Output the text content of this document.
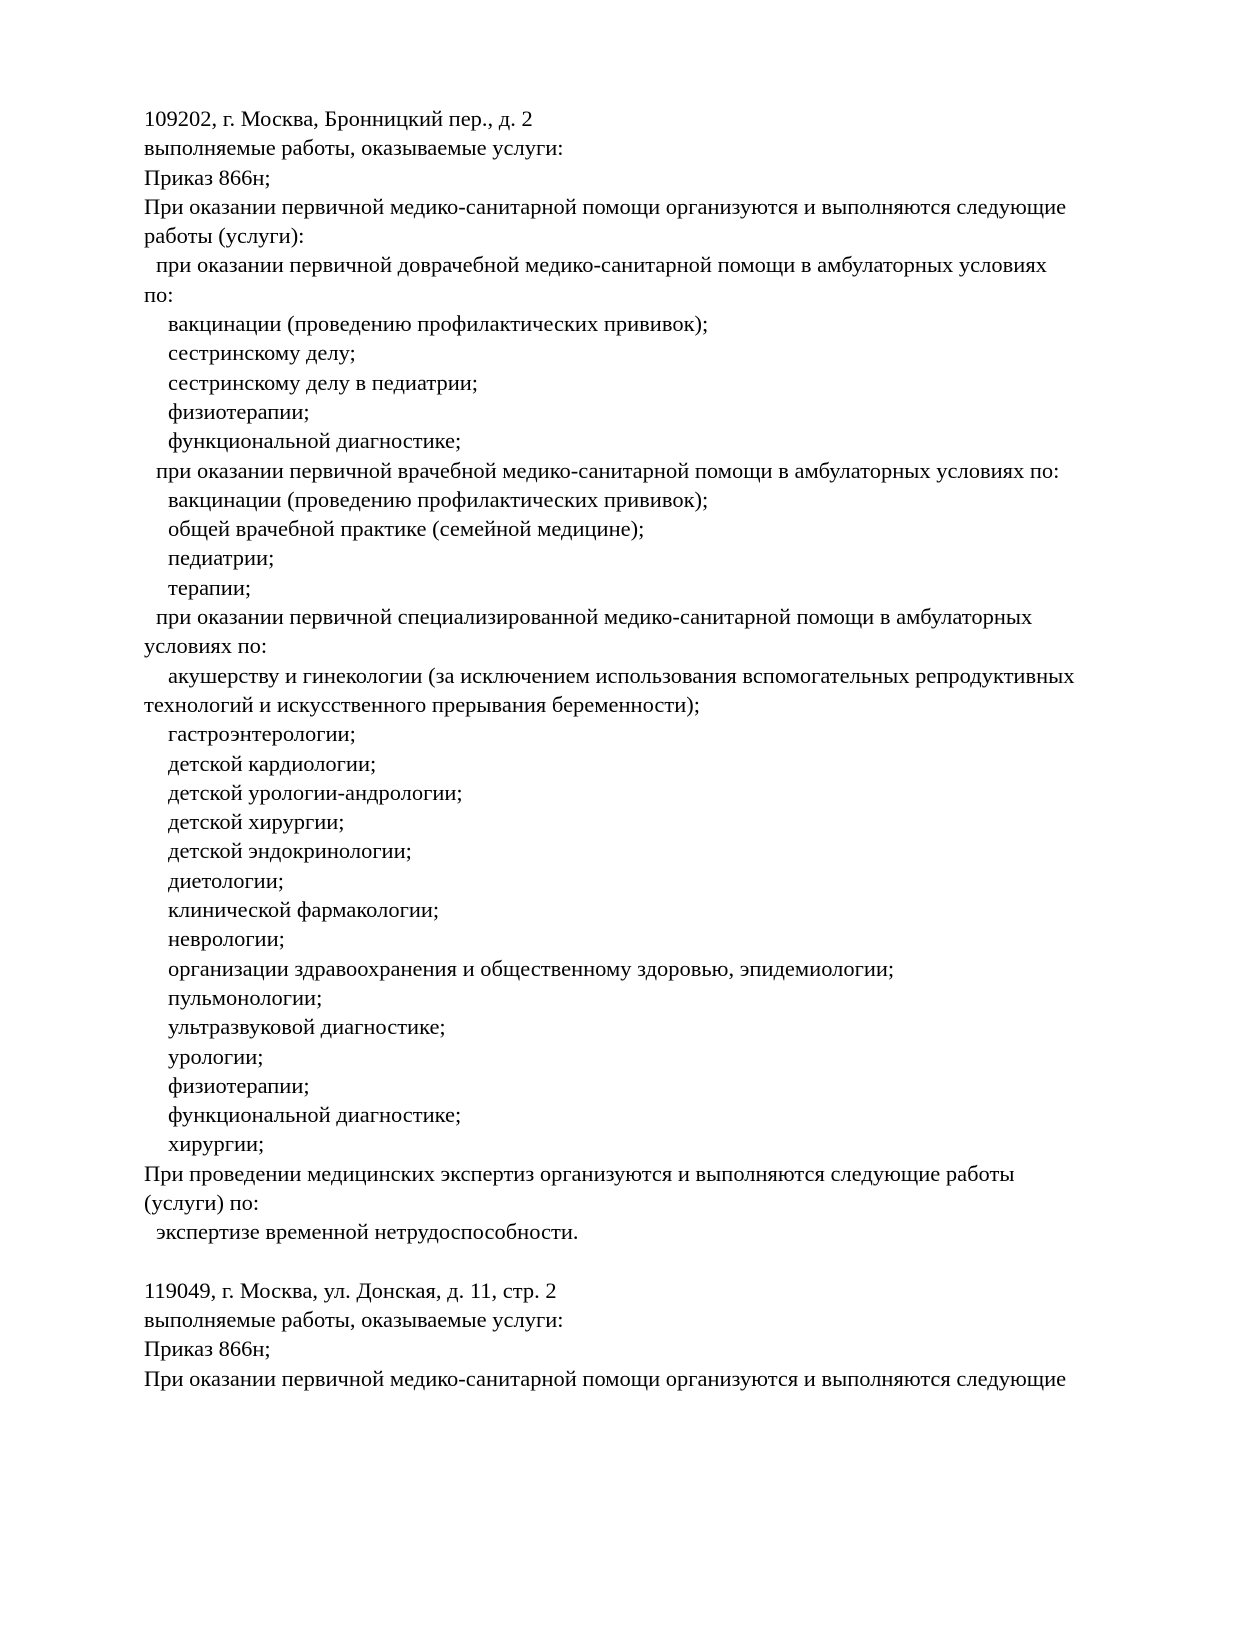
109202, г. Москва, Бронницкий пер., д. 2
выполняемые работы, оказываемые услуги:
Приказ 866н;
При оказании первичной медико-санитарной помощи организуются и выполняются следующие
работы (услуги):
при оказании первичной доврачебной медико-санитарной помощи в амбулаторных условиях
по:
вакцинации (проведению профилактических прививок);
сестринскому делу;
сестринскому делу в педиатрии;
физиотерапии;
функциональной диагностике;
при оказании первичной врачебной медико-санитарной помощи в амбулаторных условиях по:
вакцинации (проведению профилактических прививок);
общей врачебной практике (семейной медицине);
педиатрии;
терапии;
при оказании первичной специализированной медико-санитарной помощи в амбулаторных
условиях по:
акушерству и гинекологии (за исключением использования вспомогательных репродуктивных
технологий и искусственного прерывания беременности);
гастроэнтерологии;
детской кардиологии;
детской урологии-андрологии;
детской хирургии;
детской эндокринологии;
диетологии;
клинической фармакологии;
неврологии;
организации здравоохранения и общественному здоровью, эпидемиологии;
пульмонологии;
ультразвуковой диагностике;
урологии;
физиотерапии;
функциональной диагностике;
хирургии;
При проведении медицинских экспертиз организуются и выполняются следующие работы
(услуги) по:
экспертизе временной нетрудоспособности.
119049, г. Москва, ул. Донская, д. 11, стр. 2
выполняемые работы, оказываемые услуги:
Приказ 866н;
При оказании первичной медико-санитарной помощи организуются и выполняются следующие
